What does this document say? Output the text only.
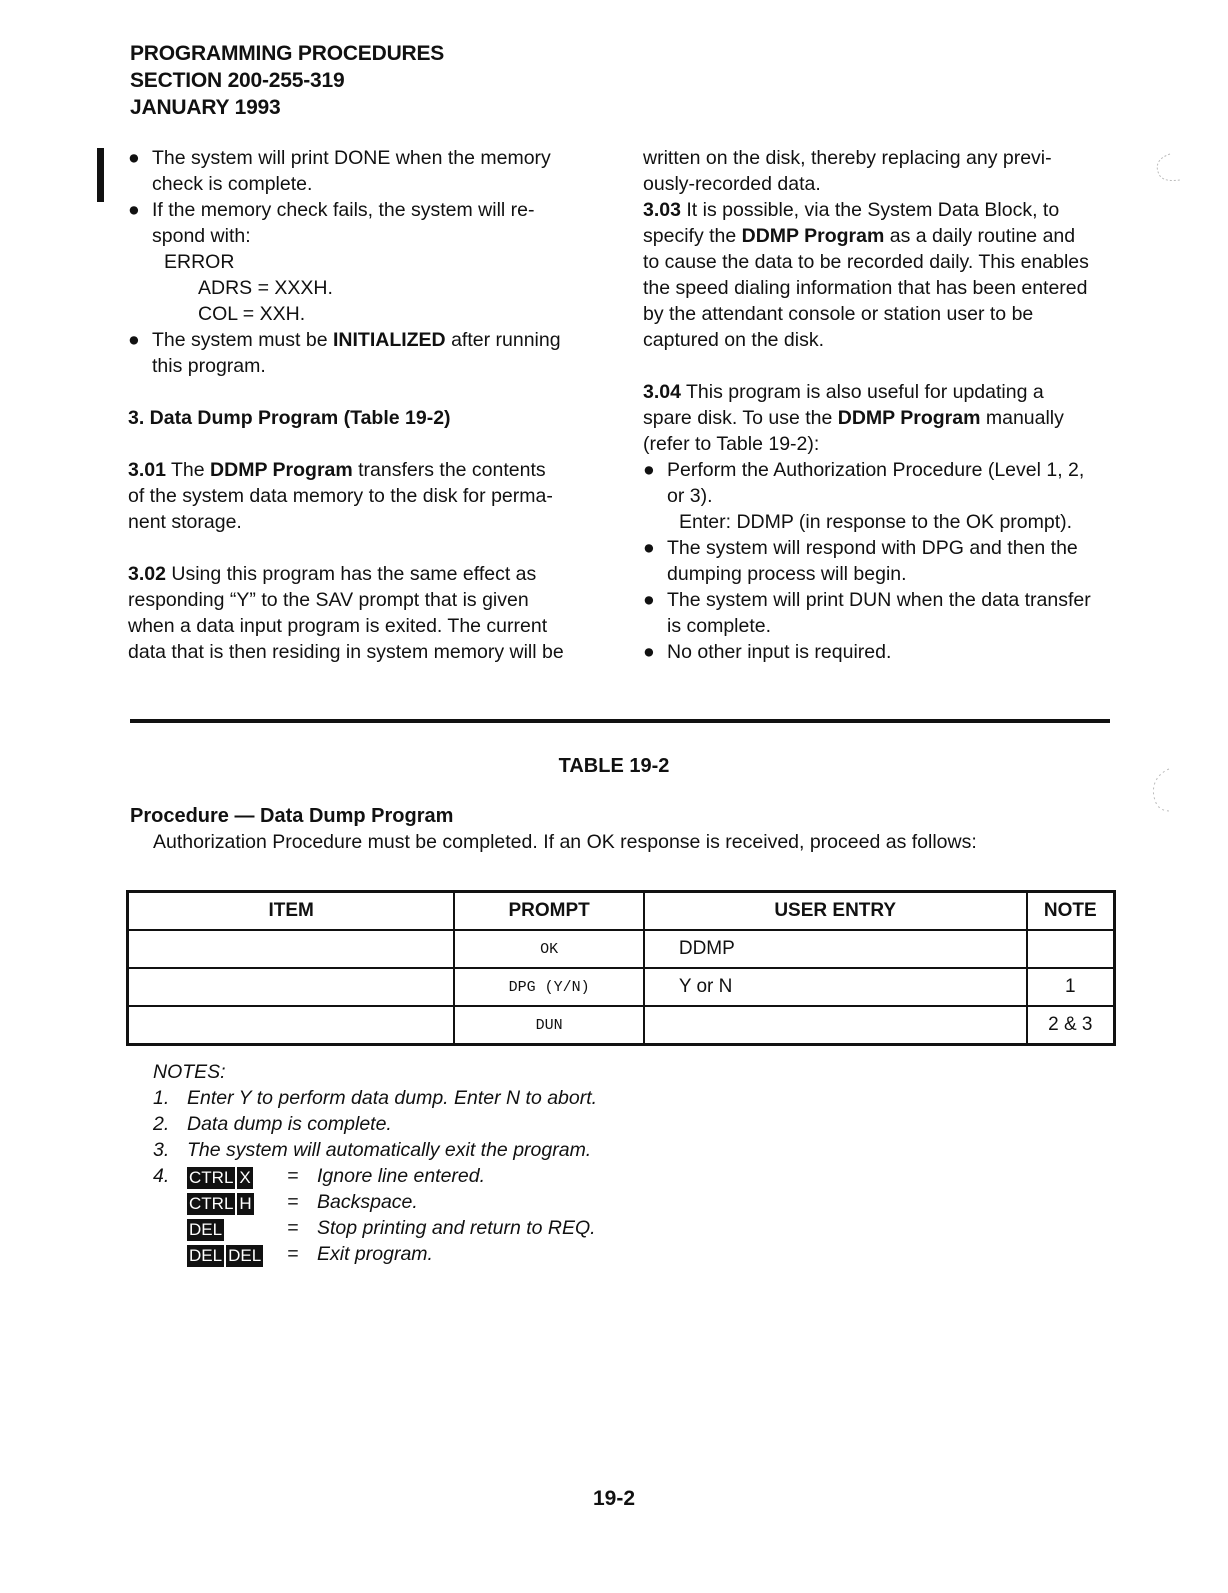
PROGRAMMING PROCEDURES
SECTION 200-255-319
JANUARY 1993
● The system will print DONE when the memory
check is complete.
● If the memory check fails, the system will re-
spond with:
ERROR
ADRS = XXXH.
COL = XXH.
● The system must be INITIALIZED after running
this program.
3. Data Dump Program (Table 19-2)
3.01 The DDMP Program transfers the contents
of the system data memory to the disk for perma-
nent storage.
3.02 Using this program has the same effect as
responding “Y” to the SAV prompt that is given
when a data input program is exited. The current
data that is then residing in system memory will be
written on the disk, thereby replacing any previ-
ously-recorded data.
3.03 It is possible, via the System Data Block, to
specify the DDMP Program as a daily routine and
to cause the data to be recorded daily. This enables
the speed dialing information that has been entered
by the attendant console or station user to be
captured on the disk.
3.04 This program is also useful for updating a
spare disk. To use the DDMP Program manually
(refer to Table 19-2):
● Perform the Authorization Procedure (Level 1, 2,
or 3).
Enter: DDMP (in response to the OK prompt).
● The system will respond with DPG and then the
dumping process will begin.
● The system will print DUN when the data transfer
is complete.
● No other input is required.
TABLE 19-2
Procedure — Data Dump Program
Authorization Procedure must be completed. If an OK response is received, proceed as follows:
ITEM	PROMPT	USER ENTRY	NOTE
	OK	DDMP	
	DPG (Y/N)	Y or N	1
	DUN		2 & 3
NOTES:
1. Enter Y to perform data dump. Enter N to abort.
2. Data dump is complete.
3. The system will automatically exit the program.
4.	CTRL X = Ignore line entered.
CTRL H = Backspace.
DEL	= Stop printing and return to REQ.
DEL DEL = Exit program.
19-2
